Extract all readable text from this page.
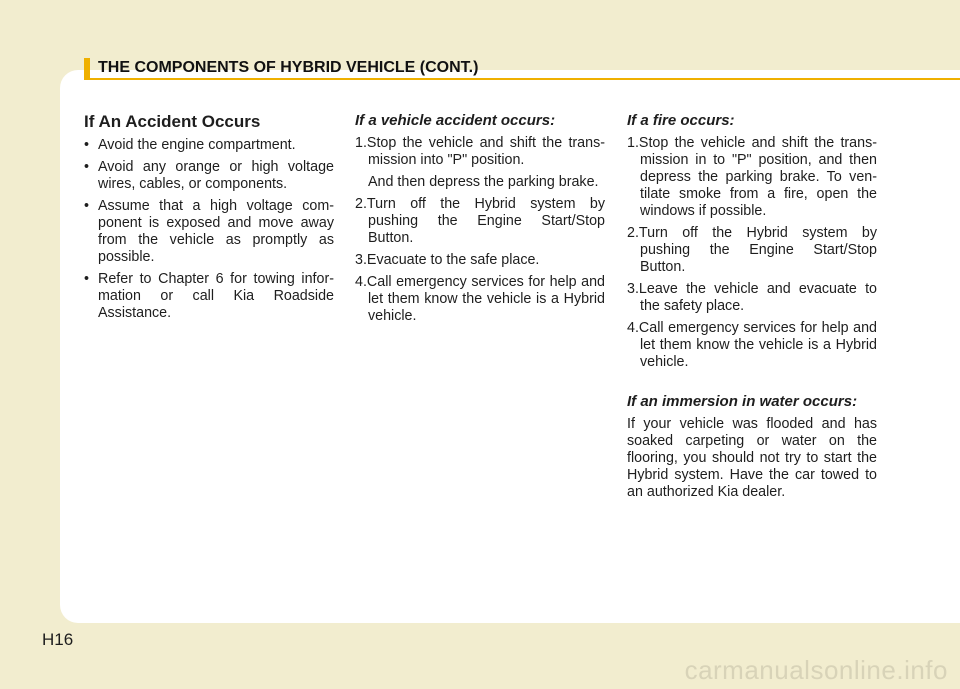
THE COMPONENTS OF HYBRID VEHICLE (CONT.)
If An Accident Occurs
• Avoid the engine compartment.
• Avoid any orange or high voltage wires, cables, or components.
• Assume that a high voltage com-ponent is exposed and move away from the vehicle as promptly as possible.
• Refer to Chapter 6 for towing infor-mation or call Kia Roadside Assistance.
If a vehicle accident occurs:
1.Stop the vehicle and shift the trans-mission into "P" position.
And then depress the parking brake.
2.Turn off the Hybrid system by pushing the Engine Start/Stop Button.
3.Evacuate to the safe place.
4.Call emergency services for help and let them know the vehicle is a Hybrid vehicle.
If a fire occurs:
1.Stop the vehicle and shift the trans-mission in to "P" position, and then depress the parking brake. To ven-tilate smoke from a fire, open the windows if possible.
2.Turn off the Hybrid system by pushing the Engine Start/Stop Button.
3.Leave the vehicle and evacuate to the safety place.
4.Call emergency services for help and let them know the vehicle is a Hybrid vehicle.
If an immersion in water occurs:

If your vehicle was flooded and has soaked carpeting or water on the flooring, you should not try to start the Hybrid system. Have the car towed to an authorized Kia dealer.

H16
carmanualsonline.info
